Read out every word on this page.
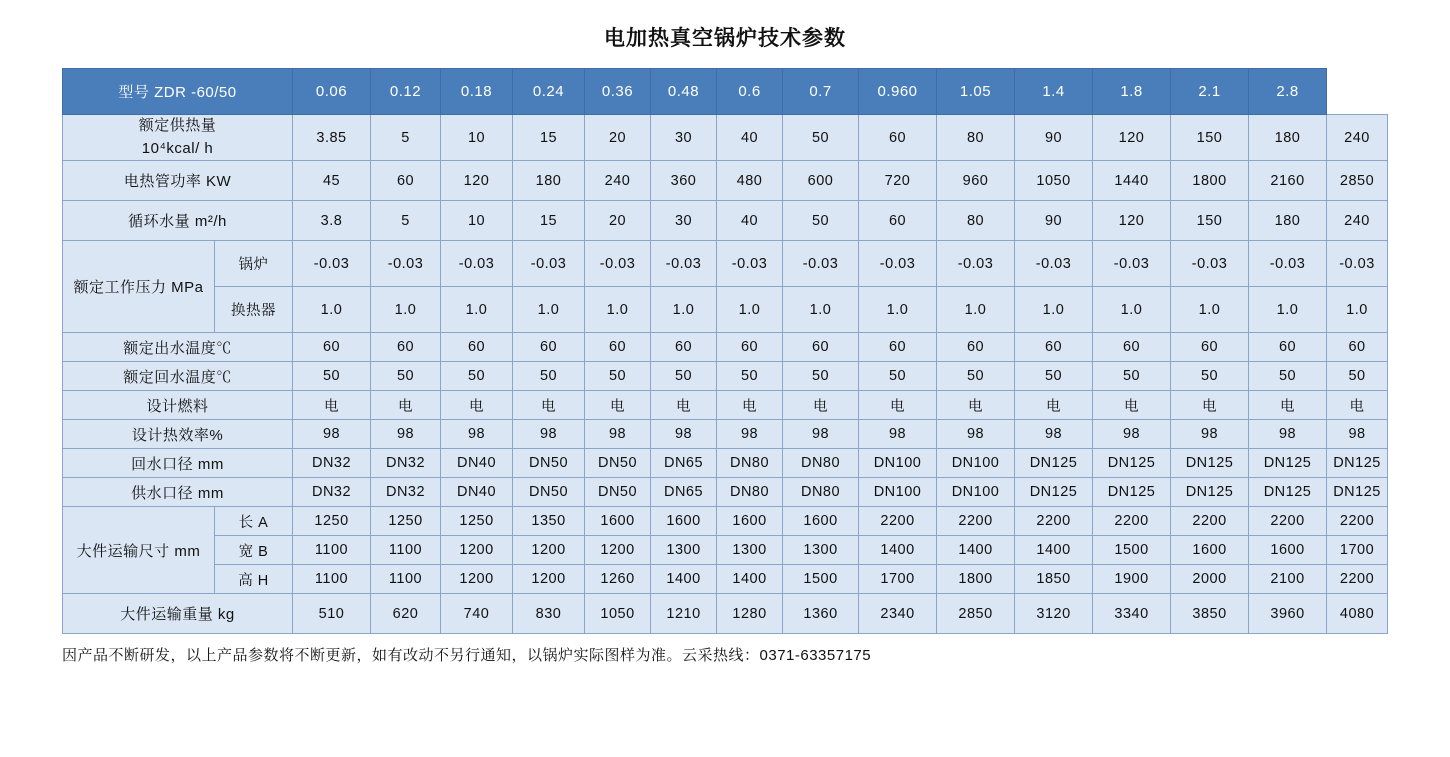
电加热真空锅炉技术参数
型号 ZDR -60/50		0.06	0.12	0.18	0.24	0.36	0.48	0.6	0.7	0.960	1.05	1.4	1.8	2.1	2.8	

额定供热量
10⁴kcal/ h		3.85	5	10	15	20	30	40	50	60	80	90	120	150	180	240
电热管功率 KW		45	60	120	180	240	360	480	600	720	960	1050	1440	1800	2160	2850
循环水量 m²/h		3.8	5	10	15	20	30	40	50	60	80	90	120	150	180	240
额定工作压力 MPa	锅炉	-0.03	-0.03	-0.03	-0.03	-0.03	-0.03	-0.03	-0.03	-0.03	-0.03	-0.03	-0.03	-0.03	-0.03	-0.03
	换热器	1.0	1.0	1.0	1.0	1.0	1.0	1.0	1.0	1.0	1.0	1.0	1.0	1.0	1.0	1.0
额定出水温度℃		60	60	60	60	60	60	60	60	60	60	60	60	60	60	60
额定回水温度℃		50	50	50	50	50	50	50	50	50	50	50	50	50	50	50
设计燃料		电	电	电	电	电	电	电	电	电	电	电	电	电	电	电
设计热效率%		98	98	98	98	98	98	98	98	98	98	98	98	98	98	98
回水口径 mm		DN32	DN32	DN40	DN50	DN50	DN65	DN80	DN80	DN100	DN100	DN125	DN125	DN125	DN125	DN125
供水口径 mm		DN32	DN32	DN40	DN50	DN50	DN65	DN80	DN80	DN100	DN100	DN125	DN125	DN125	DN125	DN125
大件运输尺寸 mm	长 A	1250	1250	1250	1350	1600	1600	1600	1600	2200	2200	2200	2200	2200	2200	2200
	宽 B	1100	1100	1200	1200	1200	1300	1300	1300	1400	1400	1400	1500	1600	1600	1700
	高 H	1100	1100	1200	1200	1260	1400	1400	1500	1700	1800	1850	1900	2000	2100	2200
大件运输重量 kg		510	620	740	830	1050	1210	1280	1360	2340	2850	3120	3340	3850	3960	4080
因产品不断研发，以上产品参数将不断更新，如有改动不另行通知，以锅炉实际图样为准。云采热线：0371-63357175
